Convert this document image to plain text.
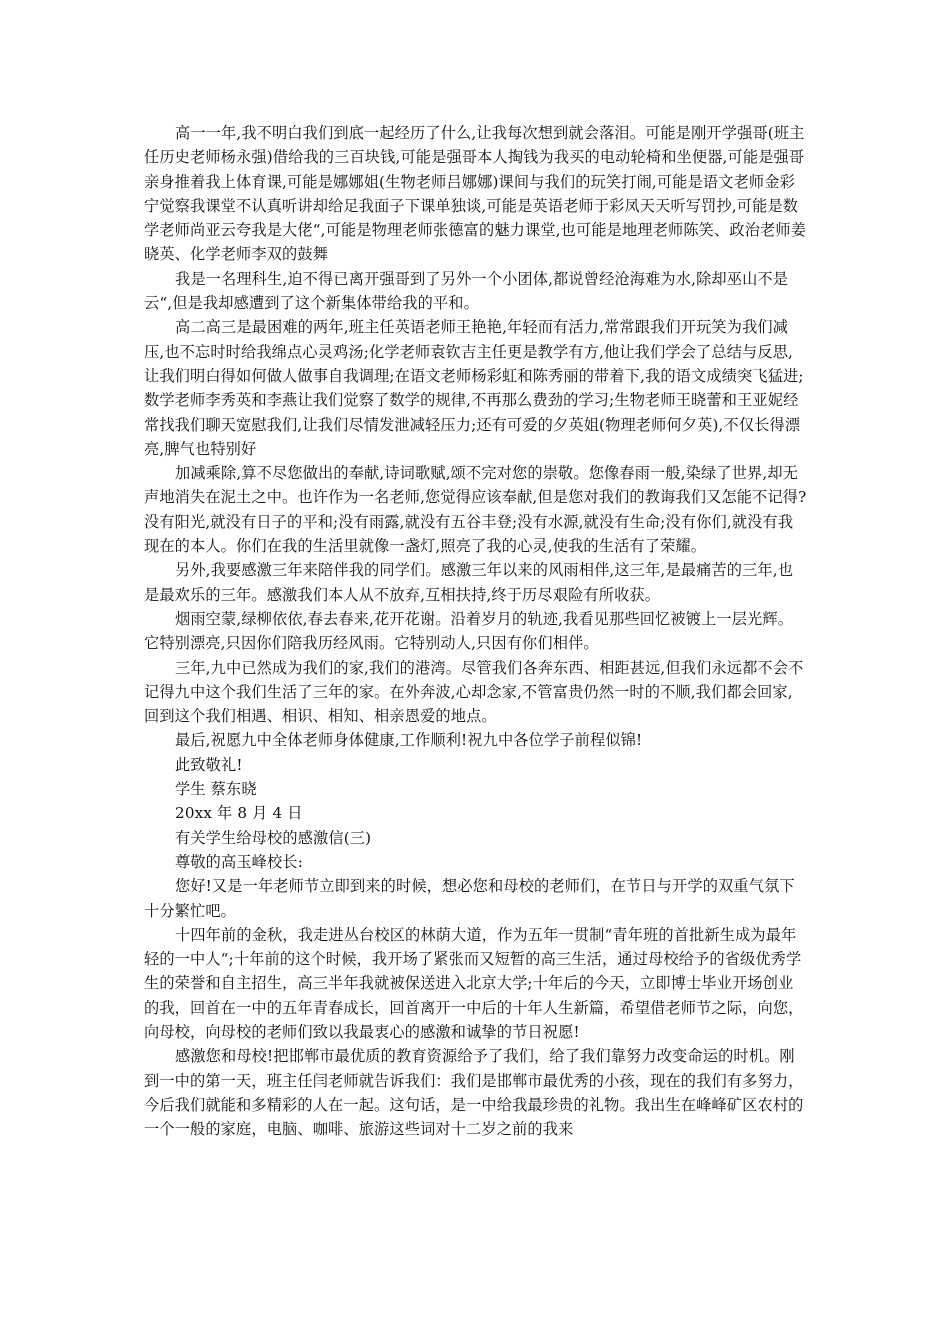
高一一年,我不明白我们到底一起经历了什么,让我每次想到就会落泪。可能是刚开学强哥(班主任历史老师杨永强)借给我的三百块钱,可能是强哥本人掏钱为我买的电动轮椅和坐便器,可能是强哥亲身推着我上体育课,可能是娜娜姐(生物老师吕娜娜)课间与我们的玩笑打闹,可能是语文老师金彩宁觉察我课堂不认真听讲却给足我面子下课单独谈,可能是英语老师于彩凤天天听写罚抄,可能是数学老师尚亚云夸我是大佬“,可能是物理老师张德富的魅力课堂,也可能是地理老师陈笑、政治老师姜晓英、化学老师李双的鼓舞

我是一名理科生,迫不得已离开强哥到了另外一个小团体,都说曾经沧海难为水,除却巫山不是云“,但是我却感遭到了这个新集体带给我的平和。

高二高三是最困难的两年,班主任英语老师王艳艳,年轻而有活力,常常跟我们开玩笑为我们减压,也不忘时时给我绵点心灵鸡汤;化学老师袁钦吉主任更是教学有方,他让我们学会了总结与反思,让我们明白得如何做人做事自我调理;在语文老师杨彩虹和陈秀丽的带着下,我的语文成绩突飞猛进;数学老师李秀英和李燕让我们觉察了数学的规律,不再那么费劲的学习;生物老师王晓蕾和王亚妮经常找我们聊天宽慰我们,让我们尽情发泄减轻压力;还有可爱的夕英姐(物理老师何夕英),不仅长得漂亮,脾气也特别好

加减乘除,算不尽您做出的奉献,诗词歌赋,颂不完对您的崇敬。您像春雨一般,染绿了世界,却无声地消失在泥土之中。也许作为一名老师,您觉得应该奉献,但是您对我们的教诲我们又怎能不记得?没有阳光,就没有日子的平和;没有雨露,就没有五谷丰登;没有水源,就没有生命;没有你们,就没有我现在的本人。你们在我的生活里就像一盏灯,照亮了我的心灵,使我的生活有了荣耀。

另外,我要感激三年来陪伴我的同学们。感激三年以来的风雨相伴,这三年,是最痛苦的三年,也是最欢乐的三年。感激我们本人从不放弃,互相扶持,终于历尽艰险有所收获。

烟雨空蒙,绿柳依依,春去春来,花开花谢。沿着岁月的轨迹,我看见那些回忆被镀上一层光辉。它特别漂亮,只因你们陪我历经风雨。它特别动人,只因有你们相伴。

三年,九中已然成为我们的家,我们的港湾。尽管我们各奔东西、相距甚远,但我们永远都不会不记得九中这个我们生活了三年的家。在外奔波,心却念家,不管富贵仍然一时的不顺,我们都会回家,回到这个我们相遇、相识、相知、相亲恩爱的地点。

最后,祝愿九中全体老师身体健康,工作顺利!祝九中各位学子前程似锦!

此致敬礼!

学生 蔡东晓

20xx 年 8 月 4 日

有关学生给母校的感激信(三)

尊敬的高玉峰校长:

您好!又是一年老师节立即到来的时候，想必您和母校的老师们，在节日与开学的双重气氛下十分繁忙吧。

十四年前的金秋，我走进丛台校区的林荫大道，作为五年一贯制“青年班的首批新生成为最年轻的一中人“;十年前的这个时候，我开场了紧张而又短暂的高三生活，通过母校给予的省级优秀学生的荣誉和自主招生，高三半年我就被保送进入北京大学;十年后的今天，立即博士毕业开场创业的我，回首在一中的五年青春成长，回首离开一中后的十年人生新篇，希望借老师节之际，向您，向母校，向母校的老师们致以我最衷心的感激和诚挚的节日祝愿!

感激您和母校!把邯郸市最优质的教育资源给予了我们，给了我们靠努力改变命运的时机。刚到一中的第一天，班主任闫老师就告诉我们：我们是邯郸市最优秀的小孩，现在的我们有多努力，今后我们就能和多精彩的人在一起。这句话，是一中给我最珍贵的礼物。我出生在峰峰矿区农村的一个一般的家庭，电脑、咖啡、旅游这些词对十二岁之前的我来
